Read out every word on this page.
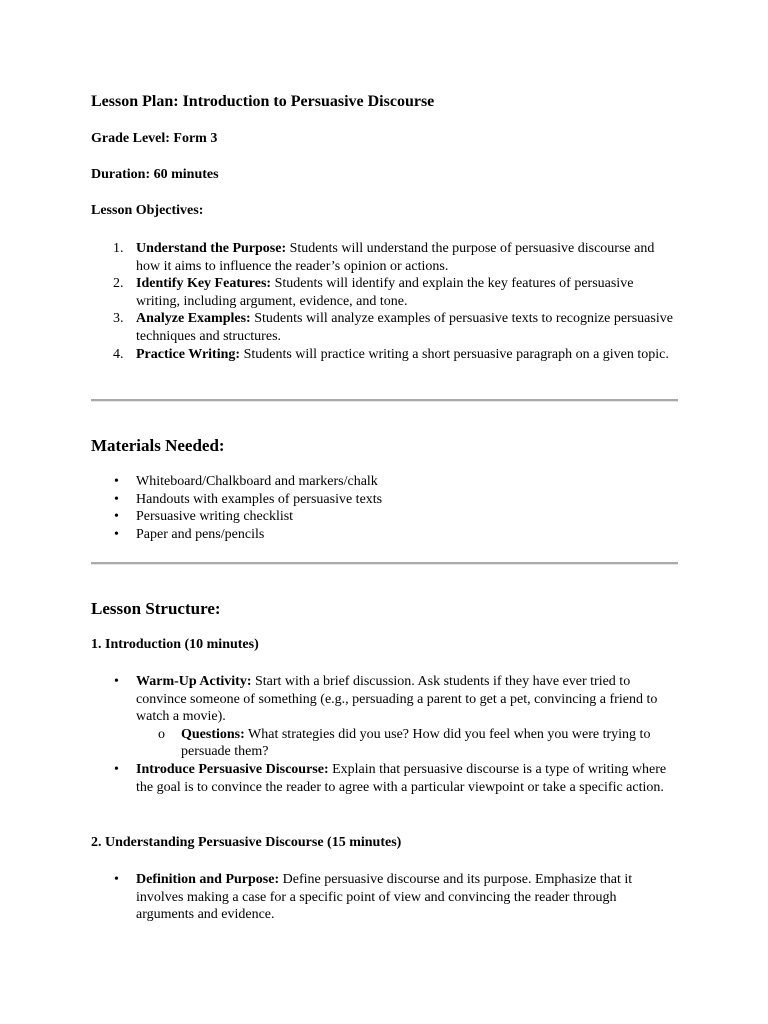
Lesson Plan: Introduction to Persuasive Discourse
Grade Level: Form 3
Duration: 60 minutes
Lesson Objectives:
1. Understand the Purpose: Students will understand the purpose of persuasive discourse and how it aims to influence the reader’s opinion or actions.
2. Identify Key Features: Students will identify and explain the key features of persuasive writing, including argument, evidence, and tone.
3. Analyze Examples: Students will analyze examples of persuasive texts to recognize persuasive techniques and structures.
4. Practice Writing: Students will practice writing a short persuasive paragraph on a given topic.
Materials Needed:
• Whiteboard/Chalkboard and markers/chalk
• Handouts with examples of persuasive texts
• Persuasive writing checklist
• Paper and pens/pencils
Lesson Structure:
1. Introduction (10 minutes)
• Warm-Up Activity: Start with a brief discussion. Ask students if they have ever tried to convince someone of something (e.g., persuading a parent to get a pet, convincing a friend to watch a movie).
o Questions: What strategies did you use? How did you feel when you were trying to persuade them?
• Introduce Persuasive Discourse: Explain that persuasive discourse is a type of writing where the goal is to convince the reader to agree with a particular viewpoint or take a specific action.
2. Understanding Persuasive Discourse (15 minutes)
• Definition and Purpose: Define persuasive discourse and its purpose. Emphasize that it involves making a case for a specific point of view and convincing the reader through arguments and evidence.
